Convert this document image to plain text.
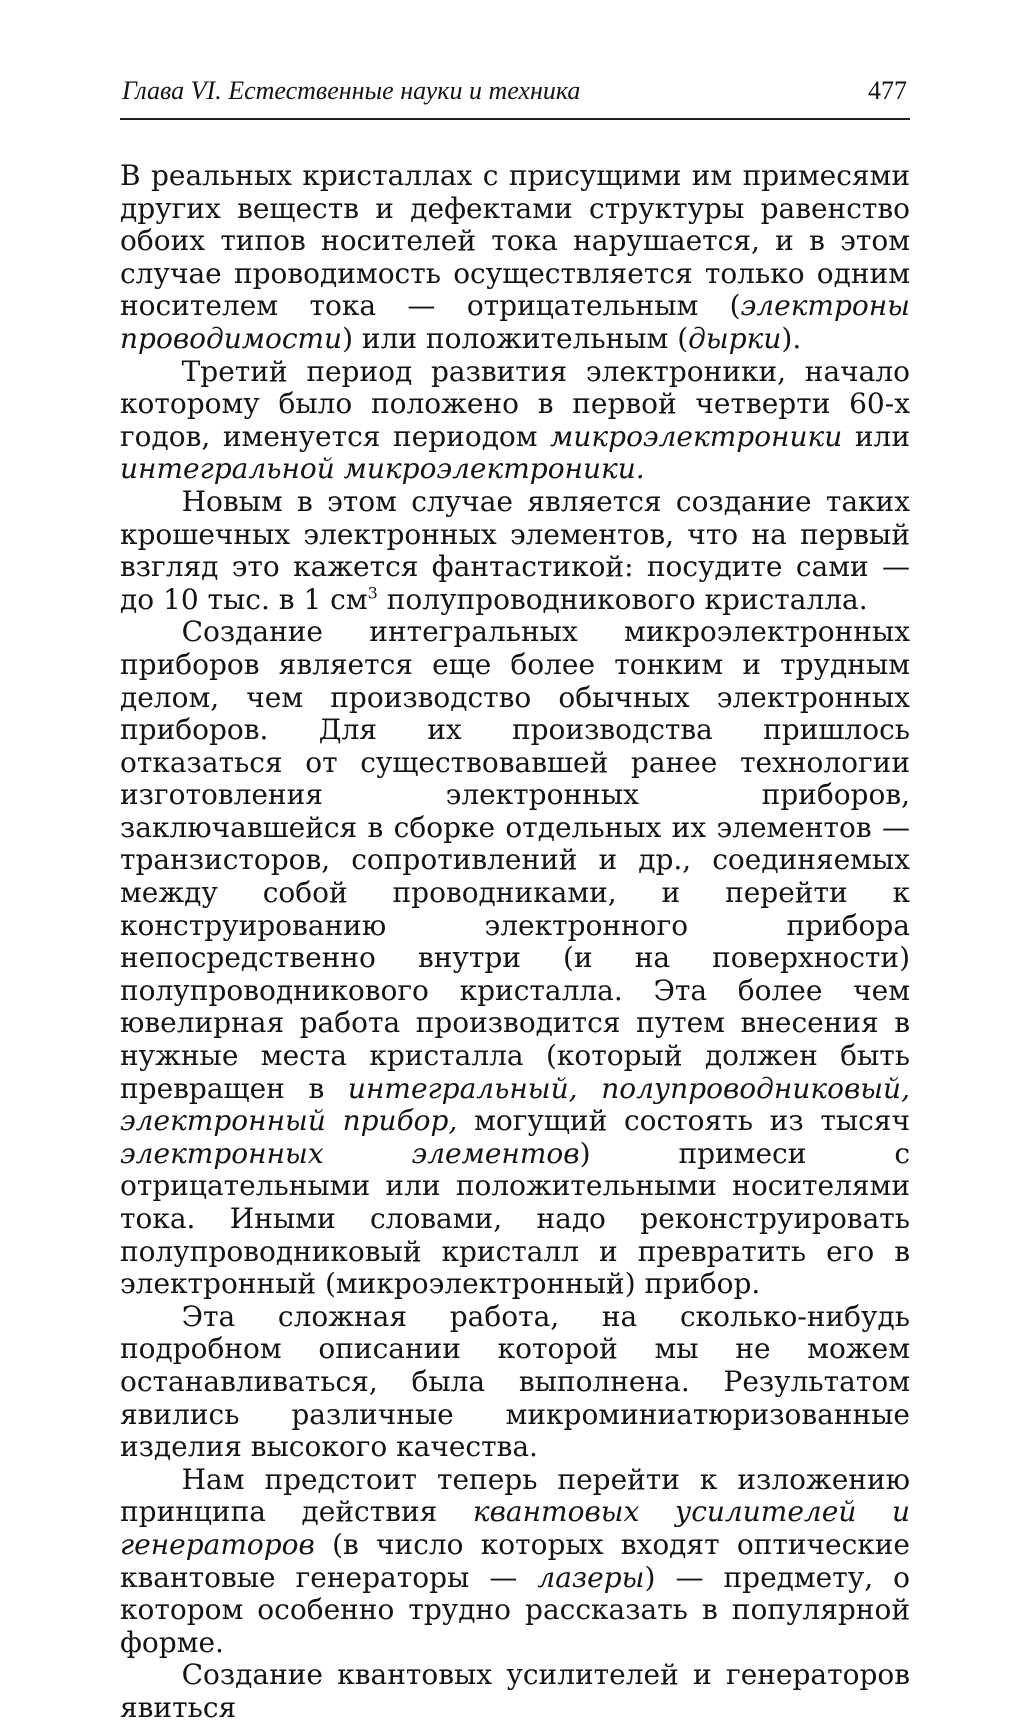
Глава VI. Естественные науки и техника	477

В реальных кристаллах с присущими им примесями других веществ и дефектами структуры равенство обоих типов носителей тока нарушается, и в этом случае проводимость осуществляется только одним носителем тока — отрицательным (электроны проводимости) или положительным (дырки).

Третий период развития электроники, начало которому было положено в первой четверти 60-х годов, именуется периодом микроэлектроники или интегральной микроэлектроники.

Новым в этом случае является создание таких крошечных электронных элементов, что на первый взгляд это кажется фантастикой: посудите сами — до 10 тыс. в 1 $см^3$ полупроводникового кристалла.

Создание интегральных микроэлектронных приборов является еще более тонким и трудным делом, чем производство обычных электронных приборов. Для их производства пришлось отказаться от существовавшей ранее технологии изготовления электронных приборов, заключавшейся в сборке отдельных их элементов — транзисторов, сопротивлений и др., соединяемых между собой проводниками, и перейти к конструированию электронного прибора непосредственно внутри (и на поверхности) полупроводникового кристалла. Эта более чем ювелирная работа производится путем внесения в нужные места кристалла (который должен быть превращен в интегральный, полупроводниковый, электронный прибор, могущий состоять из тысяч электронных элементов) примеси с отрицательными или положительными носителями тока. Иными словами, надо реконструировать полупроводниковый кристалл и превратить его в электронный (микроэлектронный) прибор.

Эта сложная работа, на сколько-нибудь подробном описании которой мы не можем останавливаться, была выполнена. Результатом явились различные микроминиатюризованные изделия высокого качества.

Нам предстоит теперь перейти к изложению принципа действия квантовых усилителей и генераторов (в число которых входят оптические квантовые генераторы — лазеры) — предмету, о котором особенно трудно рассказать в популярной форме.

Создание квантовых усилителей и генераторов явиться
